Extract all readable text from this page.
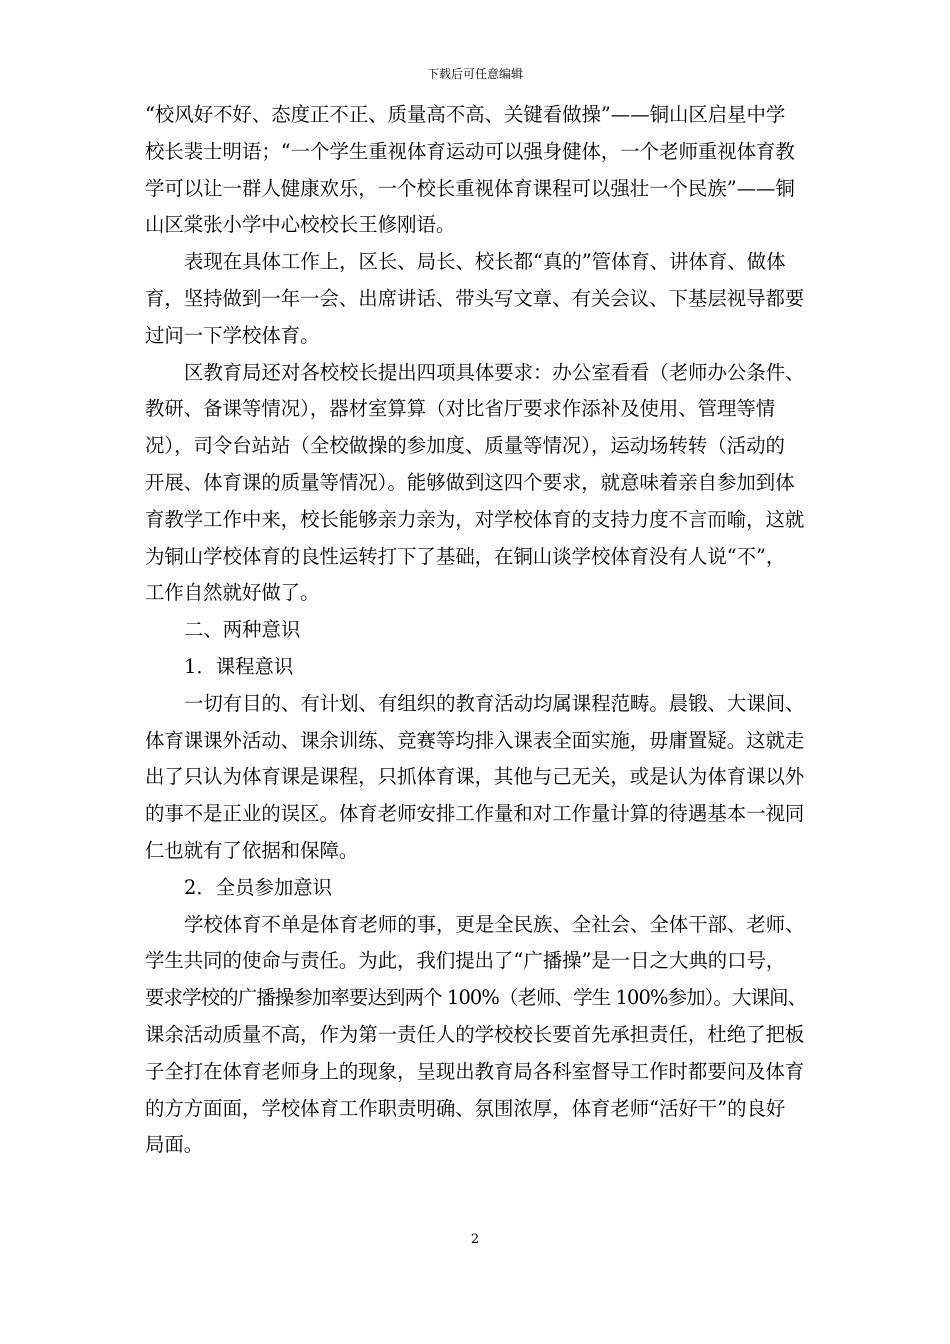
下载后可任意编辑
“校风好不好、态度正不正、质量高不高、关键看做操”——铜山区启星中学
校长裴士明语；“一个学生重视体育运动可以强身健体，一个老师重视体育教
学可以让一群人健康欢乐，一个校长重视体育课程可以强壮一个民族”——铜
山区棠张小学中心校校长王修刚语。
表现在具体工作上，区长、局长、校长都“真的”管体育、讲体育、做体
育，坚持做到一年一会、出席讲话、带头写文章、有关会议、下基层视导都要
过问一下学校体育。
区教育局还对各校校长提出四项具体要求：办公室看看（老师办公条件、
教研、备课等情况），器材室算算（对比省厅要求作添补及使用、管理等情
况），司令台站站（全校做操的参加度、质量等情况），运动场转转（活动的
开展、体育课的质量等情况）。能够做到这四个要求，就意味着亲自参加到体
育教学工作中来，校长能够亲力亲为，对学校体育的支持力度不言而喻，这就
为铜山学校体育的良性运转打下了基础，在铜山谈学校体育没有人说“不”，
工作自然就好做了。
二、两种意识
1．课程意识
一切有目的、有计划、有组织的教育活动均属课程范畴。晨锻、大课间、
体育课课外活动、课余训练、竞赛等均排入课表全面实施，毋庸置疑。这就走
出了只认为体育课是课程，只抓体育课，其他与己无关，或是认为体育课以外
的事不是正业的误区。体育老师安排工作量和对工作量计算的待遇基本一视同
仁也就有了依据和保障。
2．全员参加意识
学校体育不单是体育老师的事，更是全民族、全社会、全体干部、老师、
学生共同的使命与责任。为此，我们提出了“广播操”是一日之大典的口号，
要求学校的广播操参加率要达到两个 100%（老师、学生 100%参加）。大课间、
课余活动质量不高，作为第一责任人的学校校长要首先承担责任，杜绝了把板
子全打在体育老师身上的现象，呈现出教育局各科室督导工作时都要问及体育
的方方面面，学校体育工作职责明确、氛围浓厚，体育老师“活好干”的良好
局面。
2
